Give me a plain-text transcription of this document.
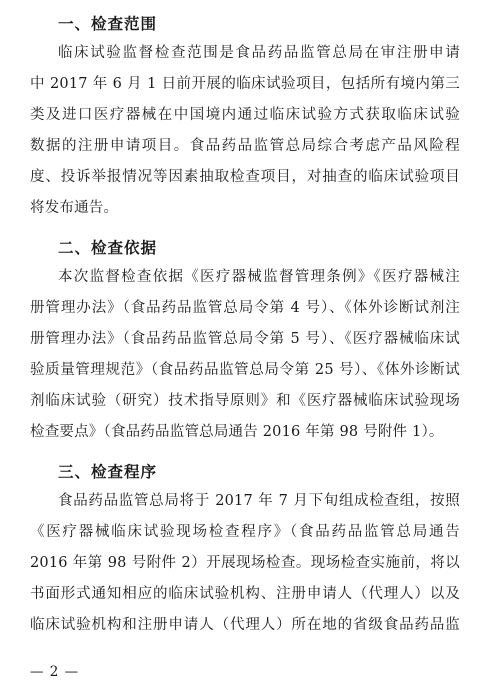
一、检查范围
临床试验监督检查范围是食品药品监管总局在审注册申请
中 2017 年 6 月 1 日前开展的临床试验项目，包括所有境内第三
类及进口医疗器械在中国境内通过临床试验方式获取临床试验
数据的注册申请项目。食品药品监管总局综合考虑产品风险程
度、投诉举报情况等因素抽取检查项目，对抽查的临床试验项目
将发布通告。
二、检查依据
本次监督检查依据《医疗器械监督管理条例》《医疗器械注
册管理办法》（食品药品监管总局令第 4 号）、《体外诊断试剂注
册管理办法》（食品药品监管总局令第 5 号）、《医疗器械临床试
验质量管理规范》（食品药品监管总局令第 25 号）、《体外诊断试
剂临床试验（研究）技术指导原则》和《医疗器械临床试验现场
检查要点》（食品药品监管总局通告 2016 年第 98 号附件 1）。
三、检查程序
食品药品监管总局将于 2017 年 7 月下旬组成检查组，按照
《医疗器械临床试验现场检查程序》（食品药品监管总局通告
2016 年第 98 号附件 2）开展现场检查。现场检查实施前，将以
书面形式通知相应的临床试验机构、注册申请人（代理人）以及
临床试验机构和注册申请人（代理人）所在地的省级食品药品监
— 2 —
